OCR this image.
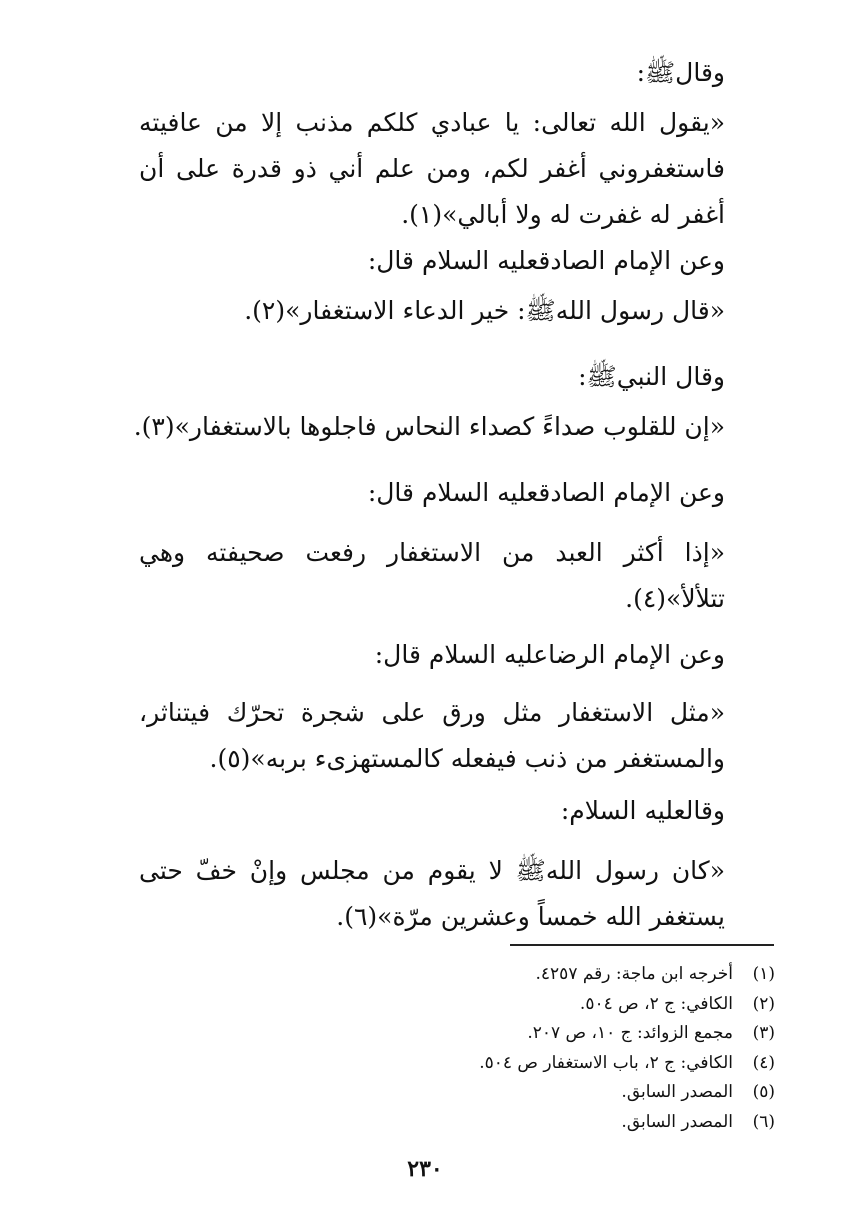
وقالﷺ:
«يقول الله تعالى: يا عبادي كلكم مذنب إلا من عافيته فاستغفروني أغفر لكم، ومن علم أني ذو قدرة على أن أغفر له غفرت له ولا أبالي»(١).
وعن الإمام الصادقعليه السلام قال:
«قال رسول اللهﷺ: خير الدعاء الاستغفار»(٢).
وقال النبيﷺ:
«إن للقلوب صداءً كصداء النحاس فاجلوها بالاستغفار»(٣).
وعن الإمام الصادقعليه السلام قال:
«إذا أكثر العبد من الاستغفار رفعت صحيفته وهي تتلألأ»(٤).
وعن الإمام الرضاعليه السلام قال:
«مثل الاستغفار مثل ورق على شجرة تحرّك فيتناثر، والمستغفر من ذنب فيفعله كالمستهزىء بربه»(٥).
وقالعليه السلام:
«كان رسول اللهﷺ لا يقوم من مجلس وإنْ خفّ حتى يستغفر الله خمساً وعشرين مرّة»(٦).
(١)
أخرجه ابن ماجة: رقم ٤٢٥٧.
(٢)
الكافي: ج ٢، ص ٥٠٤.
(٣)
مجمع الزوائد: ج ١٠، ص ٢٠٧.
(٤)
الكافي: ج ٢، باب الاستغفار ص ٥٠٤.
(٥)
المصدر السابق.
(٦)
المصدر السابق.
٢٣٠
